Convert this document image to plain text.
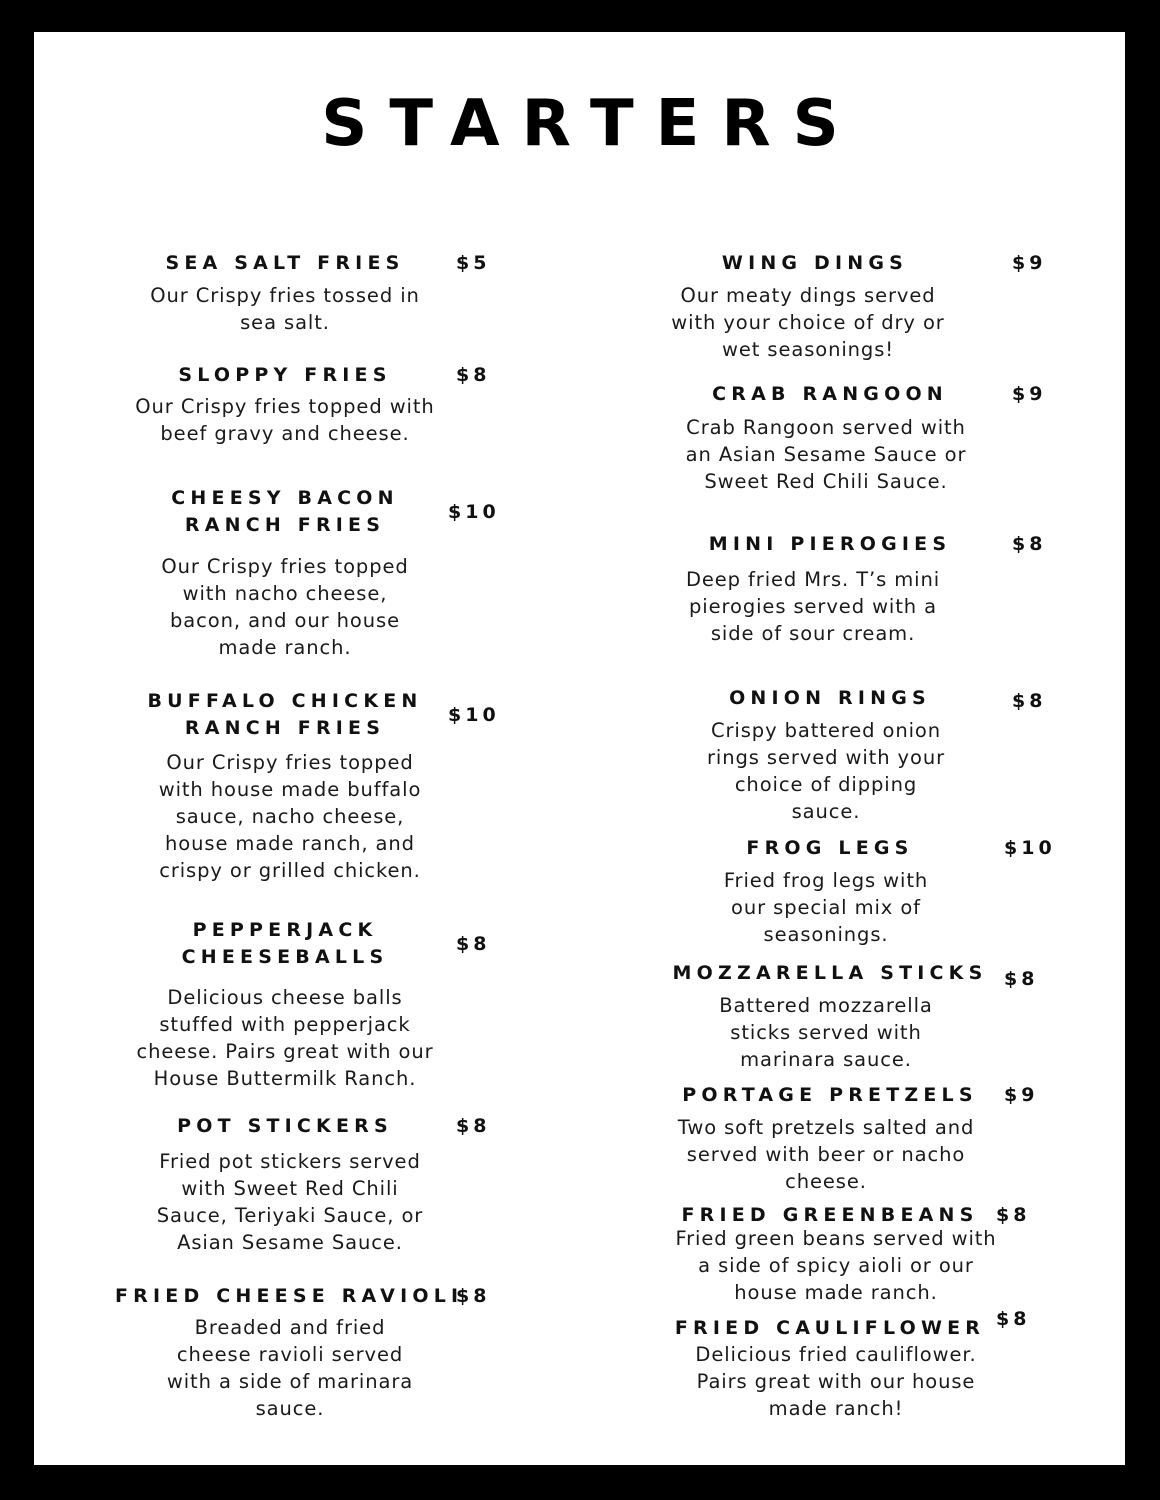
STARTERS
SEA SALT FRIES	$5
Our Crispy fries tossed in
sea salt.
SLOPPY FRIES	$8
Our Crispy fries topped with
beef gravy and cheese.
CHEESY BACON
RANCH FRIES
$10
Our Crispy fries topped
with nacho cheese,
bacon, and our house
made ranch.
BUFFALO CHICKEN
RANCH FRIES
$10
Our Crispy fries topped
with house made buffalo
sauce, nacho cheese,
house made ranch, and
crispy or grilled chicken.
PEPPERJACK
CHEESEBALLS
$8
Delicious cheese balls
stuffed with pepperjack
cheese. Pairs great with our
House Buttermilk Ranch.
POT STICKERS	$8
Fried pot stickers served
with Sweet Red Chili
Sauce, Teriyaki Sauce, or
Asian Sesame Sauce.
FRIED CHEESE RAVIOLI
$8
Breaded and fried
cheese ravioli served
with a side of marinara
sauce.
WING DINGS	$9
Our meaty dings served
with your choice of dry or
wet seasonings!
CRAB RANGOON	$9
Crab Rangoon served with
an Asian Sesame Sauce or
Sweet Red Chili Sauce.
MINI PIEROGIES	$8
Deep fried Mrs. T’s mini
pierogies served with a
side of sour cream.
ONION RINGS	$8
Crispy battered onion
rings served with your
choice of dipping
sauce.
FROG LEGS	$10
Fried frog legs with
our special mix of
seasonings.
MOZZARELLA STICKS $8
Battered mozzarella
sticks served with
marinara sauce.
PORTAGE PRETZELS	$9
Two soft pretzels salted and
served with beer or nacho
cheese.
FRIED GREENBEANS $8
Fried green beans served with
a side of spicy aioli or our
house made ranch.
FRIED CAULIFLOWER $8
Delicious fried cauliflower.
Pairs great with our house
made ranch!
